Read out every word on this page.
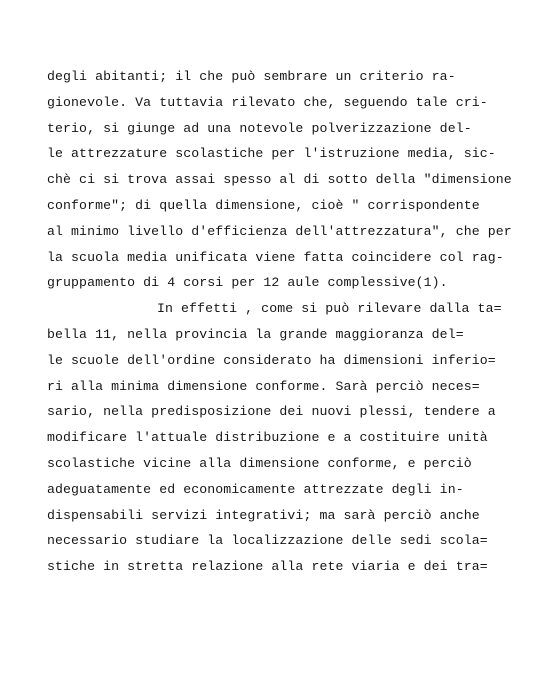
degli abitanti; il che può sembrare un criterio ra-
gionevole. Va tuttavia rilevato che, seguendo tale cri-
terio, si giunge ad una notevole polverizzazione del-
le attrezzature scolastiche per l'istruzione media, sic-
chè ci si trova assai spesso al di sotto della "dimensione
conforme"; di quella dimensione, cioè " corrispondente
al minimo livello d'efficienza dell'attrezzatura", che per
la scuola media unificata viene fatta coincidere col rag-
gruppamento di 4 corsi per 12 aule complessive(1).
In effetti , come si può rilevare dalla ta=
bella 11, nella provincia la grande maggioranza del=
le scuole dell'ordine considerato ha dimensioni inferio=
ri alla minima dimensione conforme. Sarà perciò neces=
sario, nella predisposizione dei nuovi plessi, tendere a
modificare l'attuale distribuzione e a costituire unità
scolastiche vicine alla dimensione conforme, e perciò
adeguatamente ed economicamente attrezzate degli in-
dispensabili servizi integrativi; ma sarà perciò anche
necessario studiare la localizzazione delle sedi scola=
stiche in stretta relazione alla rete viaria e dei tra=
